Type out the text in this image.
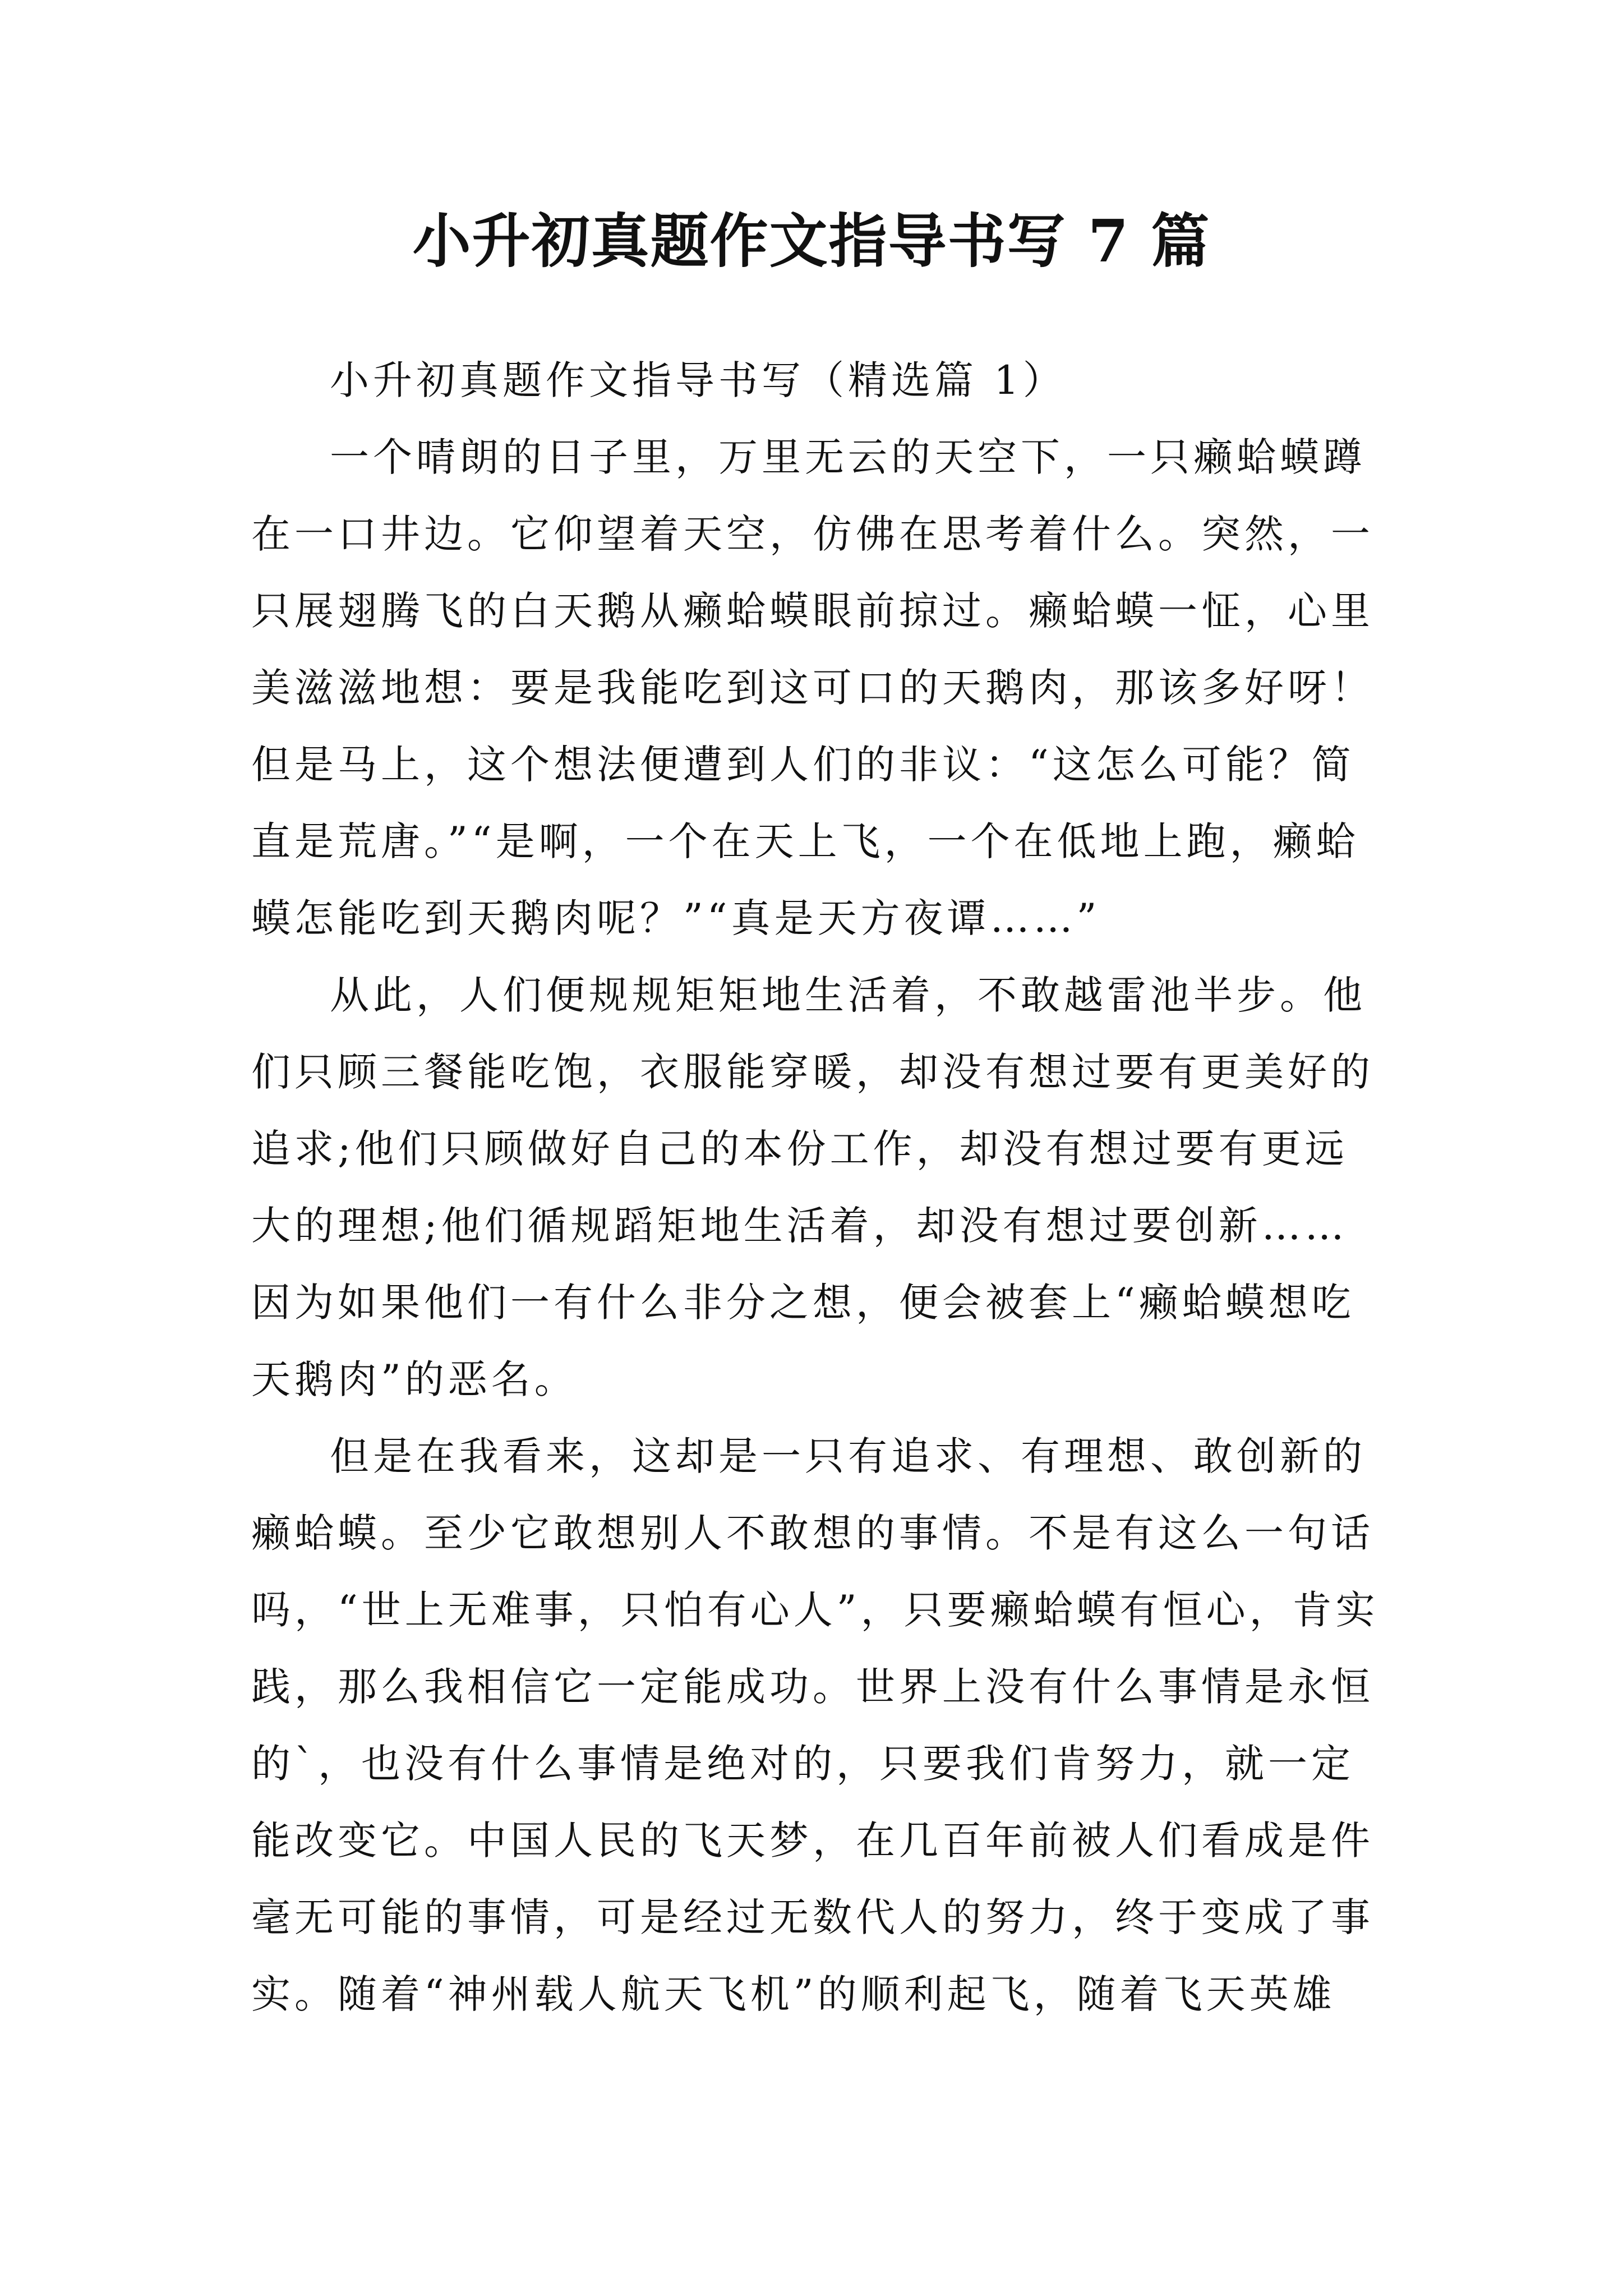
小升初真题作文指导书写 7 篇

小升初真题作文指导书写（精选篇 1）

一个晴朗的日子里，万里无云的天空下，一只癞蛤蟆蹲
在一口井边。它仰望着天空，仿佛在思考着什么。突然，一
只展翅腾飞的白天鹅从癞蛤蟆眼前掠过。癞蛤蟆一怔，心里
美滋滋地想：要是我能吃到这可口的天鹅肉，那该多好呀！
但是马上，这个想法便遭到人们的非议：“这怎么可能？简
直是荒唐。”“是啊，一个在天上飞，一个在低地上跑，癞蛤
蟆怎能吃到天鹅肉呢？”“真是天方夜谭……”

从此，人们便规规矩矩地生活着，不敢越雷池半步。他
们只顾三餐能吃饱，衣服能穿暖，却没有想过要有更美好的
追求;他们只顾做好自己的本份工作，却没有想过要有更远
大的理想;他们循规蹈矩地生活着，却没有想过要创新……
因为如果他们一有什么非分之想，便会被套上“癞蛤蟆想吃
天鹅肉”的恶名。

但是在我看来，这却是一只有追求、有理想、敢创新的
癞蛤蟆。至少它敢想别人不敢想的事情。不是有这么一句话
吗，“世上无难事，只怕有心人”，只要癞蛤蟆有恒心，肯实
践，那么我相信它一定能成功。世界上没有什么事情是永恒
的`，也没有什么事情是绝对的，只要我们肯努力，就一定
能改变它。中国人民的飞天梦，在几百年前被人们看成是件
毫无可能的事情，可是经过无数代人的努力，终于变成了事
实。随着“神州载人航天飞机”的顺利起飞，随着飞天英雄
